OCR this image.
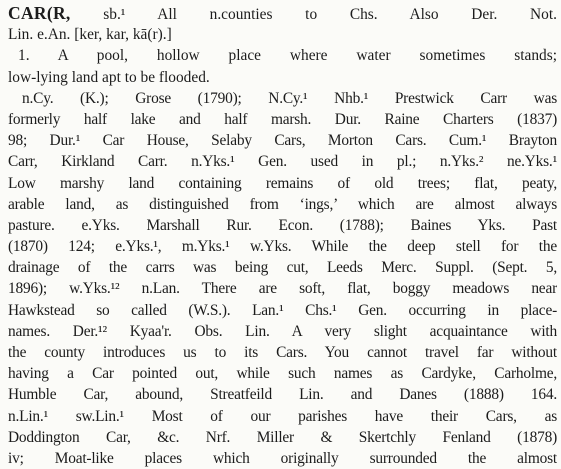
CAR(R, sb.¹ All n.counties to Chs. Also Der. Not.
Lin. e.An. [ker, kar, kā(r).]
1. A pool, hollow place where water sometimes stands;
low-lying land apt to be flooded.
n.Cy. (K.); Grose (1790); N.Cy.¹ Nhb.¹ Prestwick Carr was
formerly half lake and half marsh. Dur. Raine Charters (1837)
98; Dur.¹ Car House, Selaby Cars, Morton Cars. Cum.¹ Brayton
Carr, Kirkland Carr. n.Yks.¹ Gen. used in pl.; n.Yks.² ne.Yks.¹
Low marshy land containing remains of old trees; flat, peaty,
arable land, as distinguished from ‘ings,’ which are almost always
pasture. e.Yks. Marshall Rur. Econ. (1788); Baines Yks. Past
(1870) 124; e.Yks.¹, m.Yks.¹ w.Yks. While the deep stell for the
drainage of the carrs was being cut, Leeds Merc. Suppl. (Sept. 5,
1896); w.Yks.¹² n.Lan. There are soft, flat, boggy meadows near
Hawkstead so called (W.S.). Lan.¹ Chs.¹ Gen. occurring in place-
names. Der.¹² Kyaa'r. Obs. Lin. A very slight acquaintance with
the county introduces us to its Cars. You cannot travel far without
having a Car pointed out, while such names as Cardyke, Carholme,
Humble Car, abound, Streatfeild Lin. and Danes (1888) 164.
n.Lin.¹ sw.Lin.¹ Most of our parishes have their Cars, as
Doddington Car, &c. Nrf. Miller & Skertchly Fenland (1878)
iv; Moat-like places which originally surrounded the almost
